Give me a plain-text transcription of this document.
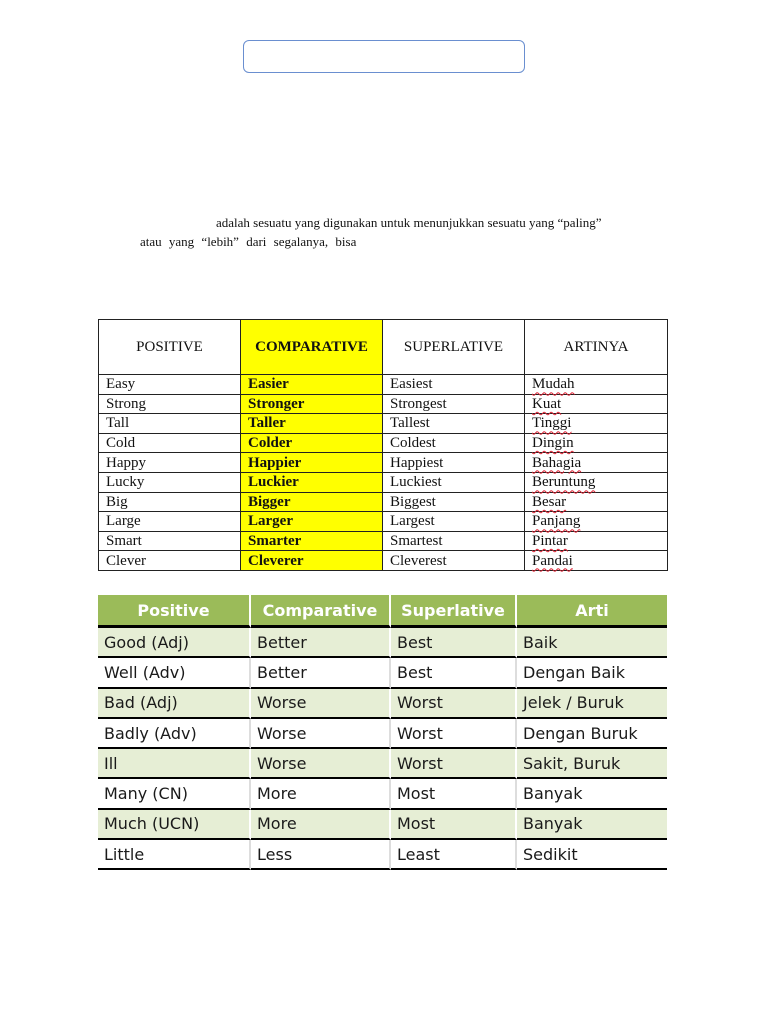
adalah sesuatu yang digunakan untuk menunjukkan sesuatu yang “paling”
atau yang “lebih” dari segalanya, bisa
POSITIVE	COMPARATIVE	SUPERLATIVE	ARTINYA
Easy	Easier	Easiest	Mudah
Strong	Stronger	Strongest	Kuat
Tall	Taller	Tallest	Tinggi
Cold	Colder	Coldest	Dingin
Happy	Happier	Happiest	Bahagia
Lucky	Luckier	Luckiest	Beruntung
Big	Bigger	Biggest	Besar
Large	Larger	Largest	Panjang
Smart	Smarter	Smartest	Pintar
Clever	Cleverer	Cleverest	Pandai
Positive	Comparative	Superlative	Arti
Good (Adj)	Better	Best	Baik
Well (Adv)	Better	Best	Dengan Baik
Bad (Adj)	Worse	Worst	Jelek / Buruk
Badly (Adv)	Worse	Worst	Dengan Buruk
Ill	Worse	Worst	Sakit, Buruk
Many (CN)	More	Most	Banyak
Much (UCN)	More	Most	Banyak
Little	Less	Least	Sedikit
